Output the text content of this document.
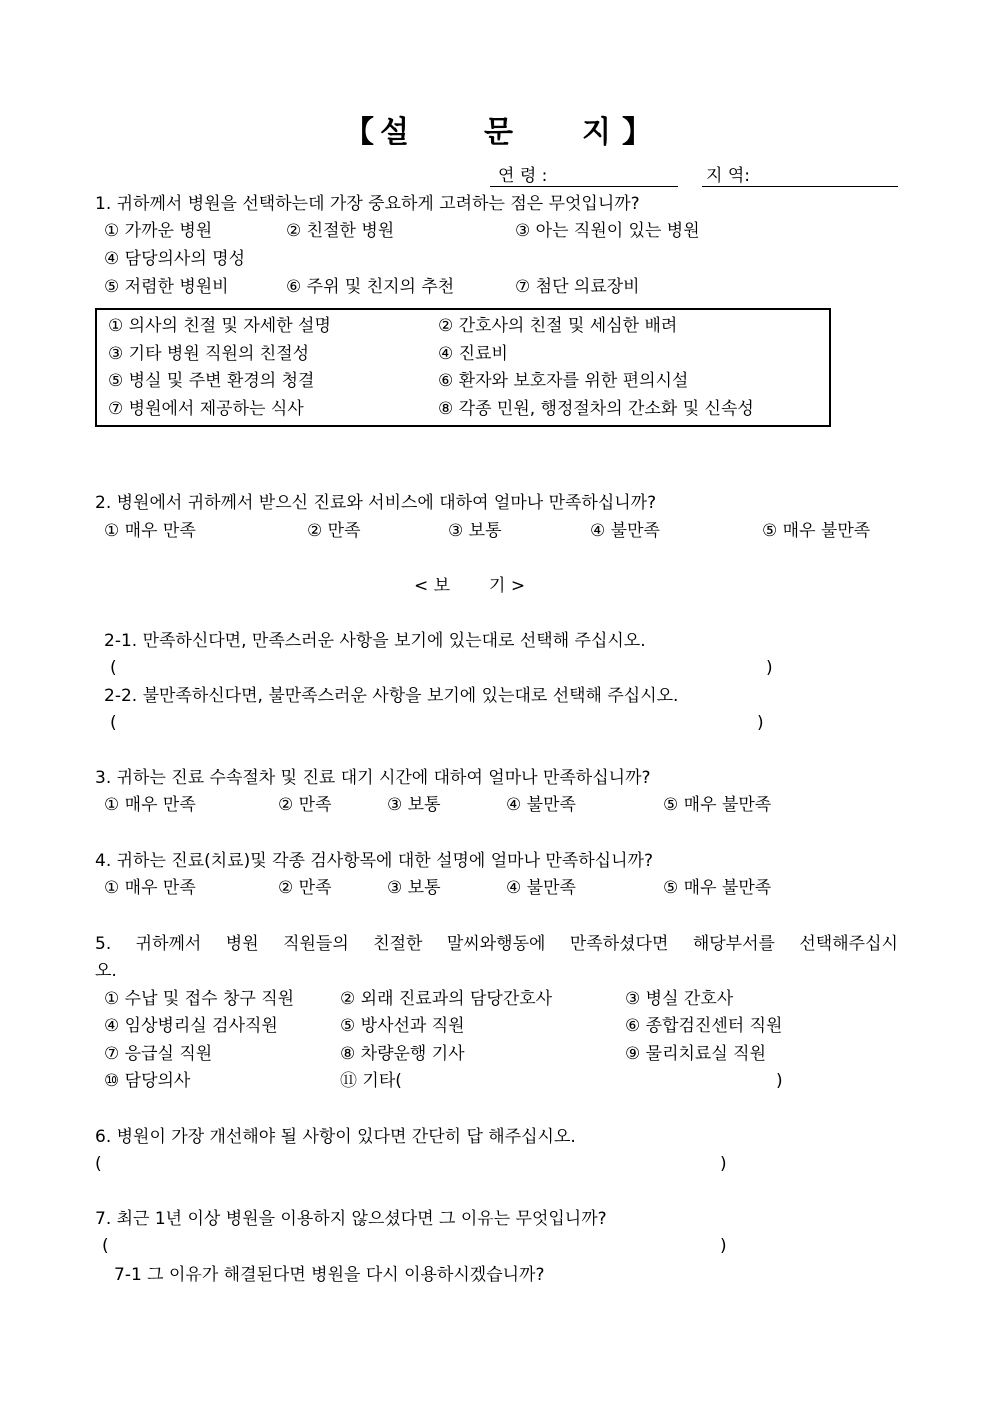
【 설	문 지 】
연 령 :	지 역:
1. 귀하께서 병원을 선택하는데 가장 중요하게 고려하는 점은 무엇입니까?
① 가까운 병원	② 친절한 병원	③ 아는 직원이 있는 병원
④ 담당의사의 명성
⑤ 저렴한 병원비	⑥ 주위 및 친지의 추천	⑦ 첨단 의료장비
① 의사의 친절 및 자세한 설명	② 간호사의 친절 및 세심한 배려
③ 기타 병원 직원의 친절성	④ 진료비
⑤ 병실 및 주변 환경의 청결	⑥ 환자와 보호자를 위한 편의시설
⑦ 병원에서 제공하는 식사	⑧ 각종 민원, 행정절차의 간소화 및 신속성
2. 병원에서 귀하께서 받으신 진료와 서비스에 대하여 얼마나 만족하십니까?
① 매우 만족	② 만족	③ 보통	④ 불만족	⑤ 매우 불만족
< 보 기 >
2-1. 만족하신다면, 만족스러운 사항을 보기에 있는대로 선택해 주십시오.
(	)
2-2. 불만족하신다면, 불만족스러운 사항을 보기에 있는대로 선택해 주십시오.
(	)
3. 귀하는 진료 수속절차 및 진료 대기 시간에 대하여 얼마나 만족하십니까?
① 매우 만족	② 만족	③ 보통	④ 불만족	⑤ 매우 불만족
4. 귀하는 진료(치료)및 각종 검사항목에 대한 설명에 얼마나 만족하십니까?
① 매우 만족	② 만족	③ 보통	④ 불만족	⑤ 매우 불만족
5. 귀하께서 병원 직원들의 친절한 말씨와행동에 만족하셨다면 해당부서를 선택해주십시
오.
① 수납 및 접수 창구 직원	② 외래 진료과의 담당간호사	③ 병실 간호사
④ 임상병리실 검사직원	⑤ 방사선과 직원	⑥ 종합검진센터 직원
⑦ 응급실 직원	⑧ 차량운행 기사	⑨ 물리치료실 직원
⑩ 담당의사	⑪ 기타(	)
6. 병원이 가장 개선해야 될 사항이 있다면 간단히 답 해주십시오.
(	)
7. 최근 1년 이상 병원을 이용하지 않으셨다면 그 이유는 무엇입니까?
(	)
7-1 그 이유가 해결된다면 병원을 다시 이용하시겠습니까?
